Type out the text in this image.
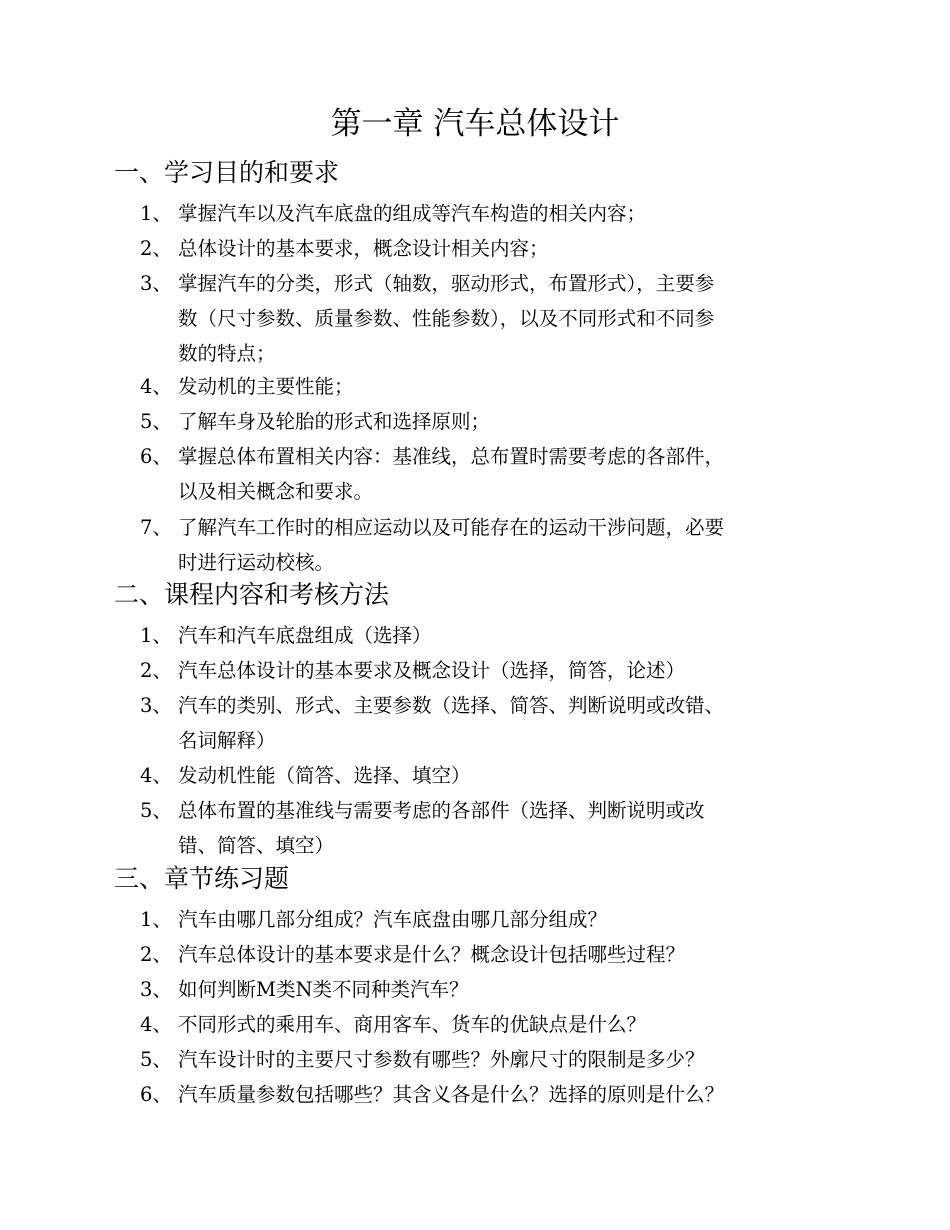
第一章 汽车总体设计
一、学习目的和要求
1、 掌握汽车以及汽车底盘的组成等汽车构造的相关内容；
2、 总体设计的基本要求，概念设计相关内容；
3、 掌握汽车的分类，形式（轴数，驱动形式，布置形式），主要参
数（尺寸参数、质量参数、性能参数），以及不同形式和不同参
数的特点；
4、 发动机的主要性能；
5、 了解车身及轮胎的形式和选择原则；
6、 掌握总体布置相关内容：基准线，总布置时需要考虑的各部件，
以及相关概念和要求。
7、 了解汽车工作时的相应运动以及可能存在的运动干涉问题，必要
时进行运动校核。
二、课程内容和考核方法
1、 汽车和汽车底盘组成（选择）
2、 汽车总体设计的基本要求及概念设计（选择，简答，论述）
3、 汽车的类别、形式、主要参数（选择、简答、判断说明或改错、
名词解释）
4、 发动机性能（简答、选择、填空）
5、 总体布置的基准线与需要考虑的各部件（选择、判断说明或改
错、简答、填空）
三、章节练习题
1、 汽车由哪几部分组成？汽车底盘由哪几部分组成？
2、 汽车总体设计的基本要求是什么？概念设计包括哪些过程？
3、 如何判断M类N类不同种类汽车？
4、 不同形式的乘用车、商用客车、货车的优缺点是什么？
5、 汽车设计时的主要尺寸参数有哪些？外廓尺寸的限制是多少？
6、 汽车质量参数包括哪些？其含义各是什么？选择的原则是什么？
